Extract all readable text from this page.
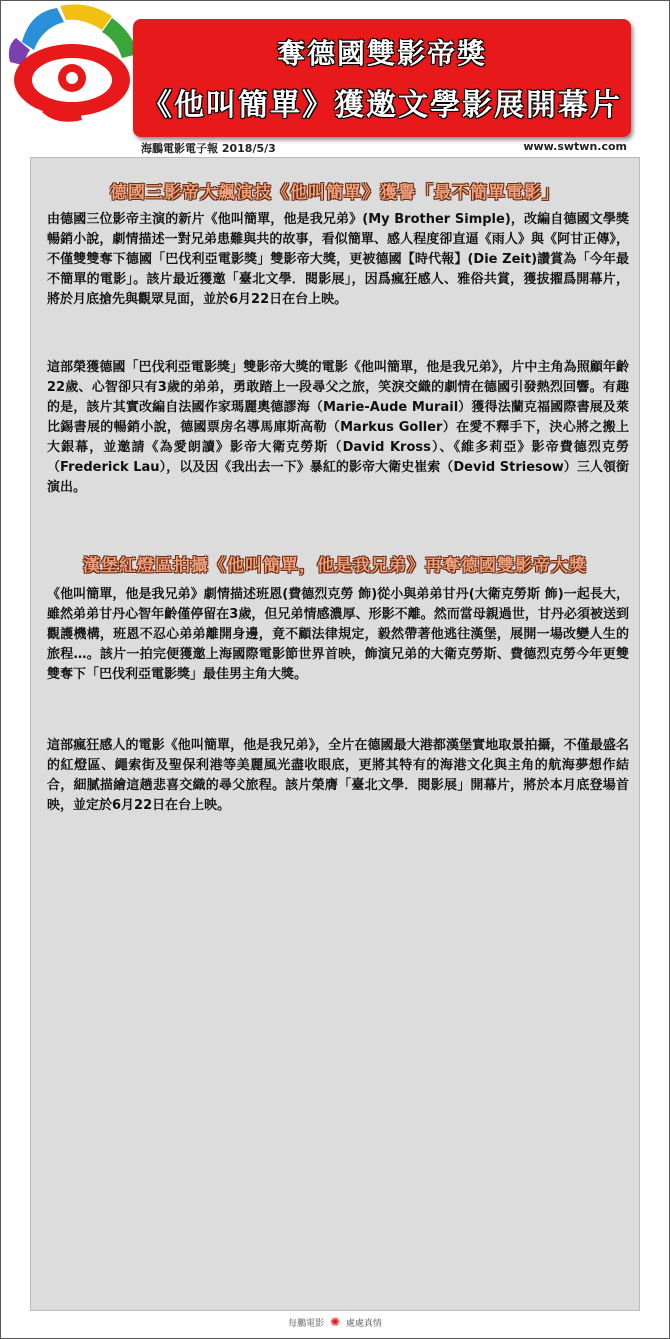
奪德國雙影帝獎
《他叫簡單》獲邀文學影展開幕片
海鵬電影電子報 2018/5/3	www.swtwn.com
德國三影帝大飆演技《他叫簡單》獲譽「最不簡單電影」
由德國三位影帝主演的新片《他叫簡單，他是我兄弟》(My Brother Simple)，改編自德國文學獎暢銷小說，劇情描述一對兄弟患難與共的故事，看似簡單、感人程度卻直逼《雨人》與《阿甘正傳》，不僅雙雙奪下德國「巴伐利亞電影獎」雙影帝大獎，更被德國【時代報】(Die Zeit)讚賞為「今年最不簡單的電影」。該片最近獲邀「臺北文學．閱影展」，因爲瘋狂感人、雅俗共賞，獲拔擢爲開幕片，將於月底搶先與觀眾見面，並於6月22日在台上映。
這部榮獲德國「巴伐利亞電影獎」雙影帝大獎的電影《他叫簡單，他是我兄弟》，片中主角為照顧年齡22歲、心智卻只有3歲的弟弟，勇敢踏上一段尋父之旅，笑淚交織的劇情在德國引發熱烈回響。有趣的是，該片其實改編自法國作家瑪麗奧德謬海（Marie-Aude Murail）獲得法蘭克福國際書展及萊比錫書展的暢銷小說，德國票房名導馬庫斯高勒（Markus Goller）在愛不釋手下，決心將之搬上大銀幕，並邀請《為愛朗讀》影帝大衛克勞斯（David Kross）、《維多莉亞》影帝費德烈克勞（Frederick Lau），以及因《我出去一下》暴紅的影帝大衛史崔索（Devid Striesow）三人領銜演出。
漢堡紅燈區拍攝《他叫簡單，他是我兄弟》再奪德國雙影帝大獎
《他叫簡單，他是我兄弟》劇情描述班恩(費德烈克勞 飾)從小與弟弟甘丹(大衛克勞斯 飾)一起長大，雖然弟弟甘丹心智年齡僅停留在3歲，但兄弟情感濃厚、形影不離。然而當母親過世，甘丹必須被送到觀護機構，班恩不忍心弟弟離開身邊，竟不顧法律規定，毅然帶著他逃往漢堡，展開一場改變人生的旅程…。該片一拍完便獲邀上海國際電影節世界首映，飾演兄弟的大衛克勞斯、費德烈克勞今年更雙雙奪下「巴伐利亞電影獎」最佳男主角大獎。
這部瘋狂感人的電影《他叫簡單，他是我兄弟》，全片在德國最大港都漢堡實地取景拍攝，不僅最盛名的紅燈區、繩索街及聖保利港等美麗風光盡收眼底，更將其特有的海港文化與主角的航海夢想作結合，細膩描繪這趟悲喜交織的尋父旅程。該片榮膺「臺北文學．閱影展」開幕片，將於本月底登場首映，並定於6月22日在台上映。
每鵬電影 ✺ 處處真情
